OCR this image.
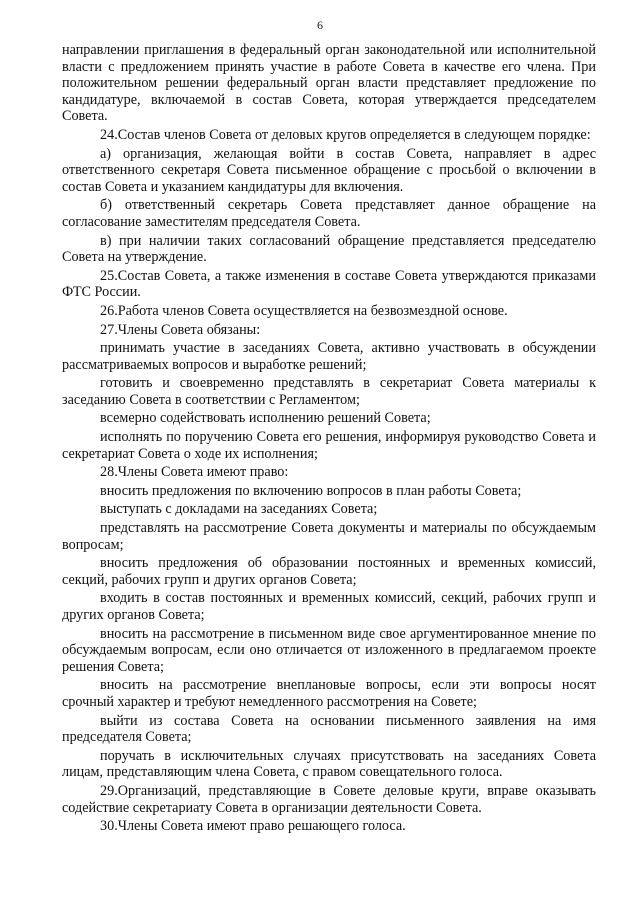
6

направлении приглашения в федеральный орган законодательной или исполнительной власти с предложением принять участие в работе Совета в качестве его члена. При положительном решении федеральный орган власти представляет предложение по кандидатуре, включаемой в состав Совета, которая утверждается председателем Совета.

24.Состав членов Совета от деловых кругов определяется в следующем порядке:

а) организация, желающая войти в состав Совета, направляет в адрес ответственного секретаря Совета письменное обращение с просьбой о включении в состав Совета и указанием кандидатуры для включения.

б) ответственный секретарь Совета представляет данное обращение на согласование заместителям председателя Совета.

в) при наличии таких согласований обращение представляется председателю Совета на утверждение.

25.Состав Совета, а также изменения в составе Совета утверждаются приказами ФТС России.

26.Работа членов Совета осуществляется на безвозмездной основе.

27.Члены Совета обязаны:

принимать участие в заседаниях Совета, активно участвовать в обсуждении рассматриваемых вопросов и выработке решений;

готовить и своевременно представлять в секретариат Совета материалы к заседанию Совета в соответствии с Регламентом;

всемерно содействовать исполнению решений Совета;

исполнять по поручению Совета его решения, информируя руководство Совета и секретариат Совета о ходе их исполнения;

28.Члены Совета имеют право:

вносить предложения по включению вопросов в план работы Совета;

выступать с докладами на заседаниях Совета;

представлять на рассмотрение Совета документы и материалы по обсуждаемым вопросам;

вносить предложения об образовании постоянных и временных комиссий, секций, рабочих групп и других органов Совета;

входить в состав постоянных и временных комиссий, секций, рабочих групп и других органов Совета;

вносить на рассмотрение в письменном виде свое аргументированное мнение по обсуждаемым вопросам, если оно отличается от изложенного в предлагаемом проекте решения Совета;

вносить на рассмотрение внеплановые вопросы, если эти вопросы носят срочный характер и требуют немедленного рассмотрения на Совете;

выйти из состава Совета на основании письменного заявления на имя председателя Совета;

поручать в исключительных случаях присутствовать на заседаниях Совета лицам, представляющим члена Совета, с правом совещательного голоса.

29.Организаций, представляющие в Совете деловые круги, вправе оказывать содействие секретариату Совета в организации деятельности Совета.

30.Члены Совета имеют право решающего голоса.
